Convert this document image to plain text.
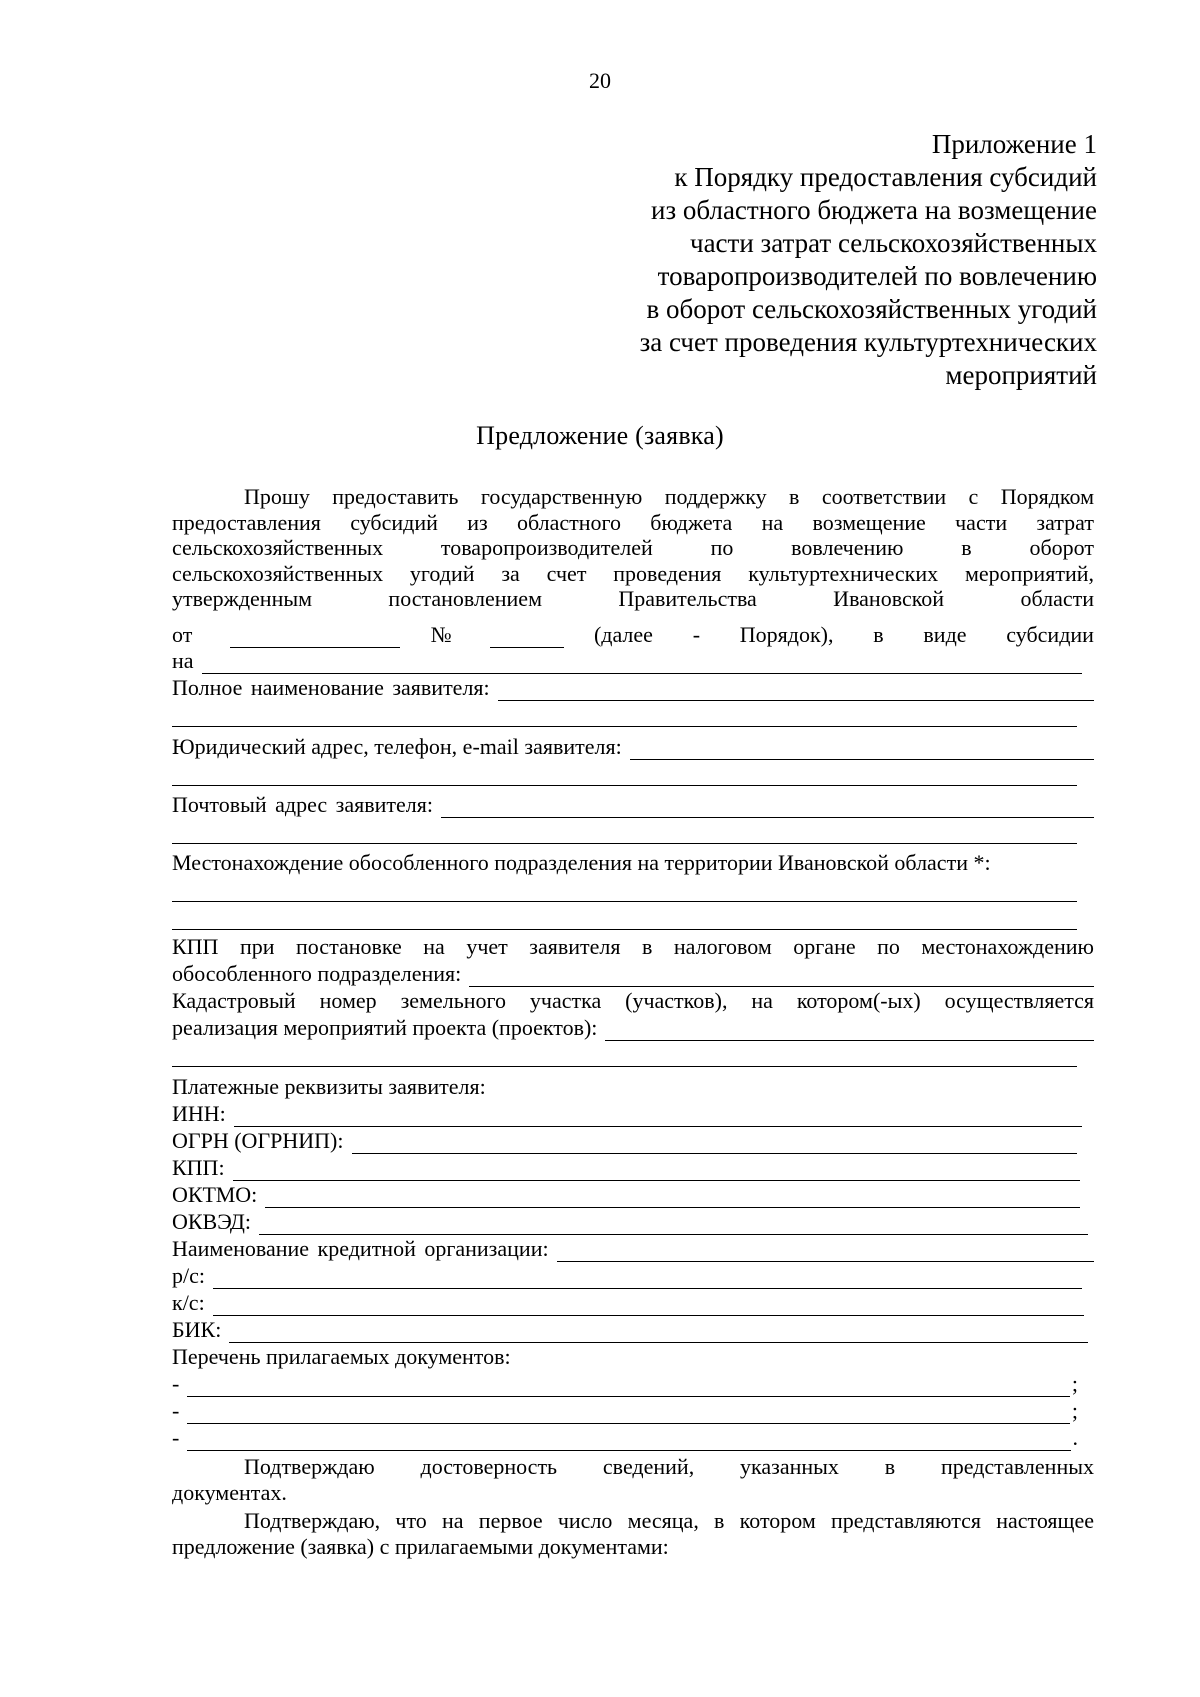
20
Приложение 1
к Порядку предоставления субсидий
из областного бюджета на возмещение
части затрат сельскохозяйственных
товаропроизводителей по вовлечению
в оборот сельскохозяйственных угодий
за счет проведения культуртехнических
мероприятий
Предложение (заявка)
Прошу предоставить государственную поддержку в соответствии с Порядком
предоставления субсидий из областного бюджета на возмещение части затрат
сельскохозяйственных товаропроизводителей по вовлечению в оборот
сельскохозяйственных угодий за счет проведения культуртехнических мероприятий,
утвержденным постановлением Правительства Ивановской области
от	№	(далее - Порядок), в виде субсидии
на
Полное наименование заявителя:
Юридический адрес, телефон, e-mail заявителя:
Почтовый адрес заявителя:
Местонахождение обособленного подразделения на территории Ивановской области *:
КПП при постановке на учет заявителя в налоговом органе по местонахождению
обособленного подразделения:
Кадастровый номер земельного участка (участков), на котором(-ых) осуществляется
реализация мероприятий проекта (проектов):
Платежные реквизиты заявителя:
ИНН:
ОГРН (ОГРНИП):
КПП:
ОКТМО:
ОКВЭД:
Наименование кредитной организации:
р/с:
к/с:
БИК:
Перечень прилагаемых документов:
-	;
-	;
-	.
Подтверждаю достоверность сведений, указанных в представленных
документах.
Подтверждаю, что на первое число месяца, в котором представляются настоящее
предложение (заявка) с прилагаемыми документами:
